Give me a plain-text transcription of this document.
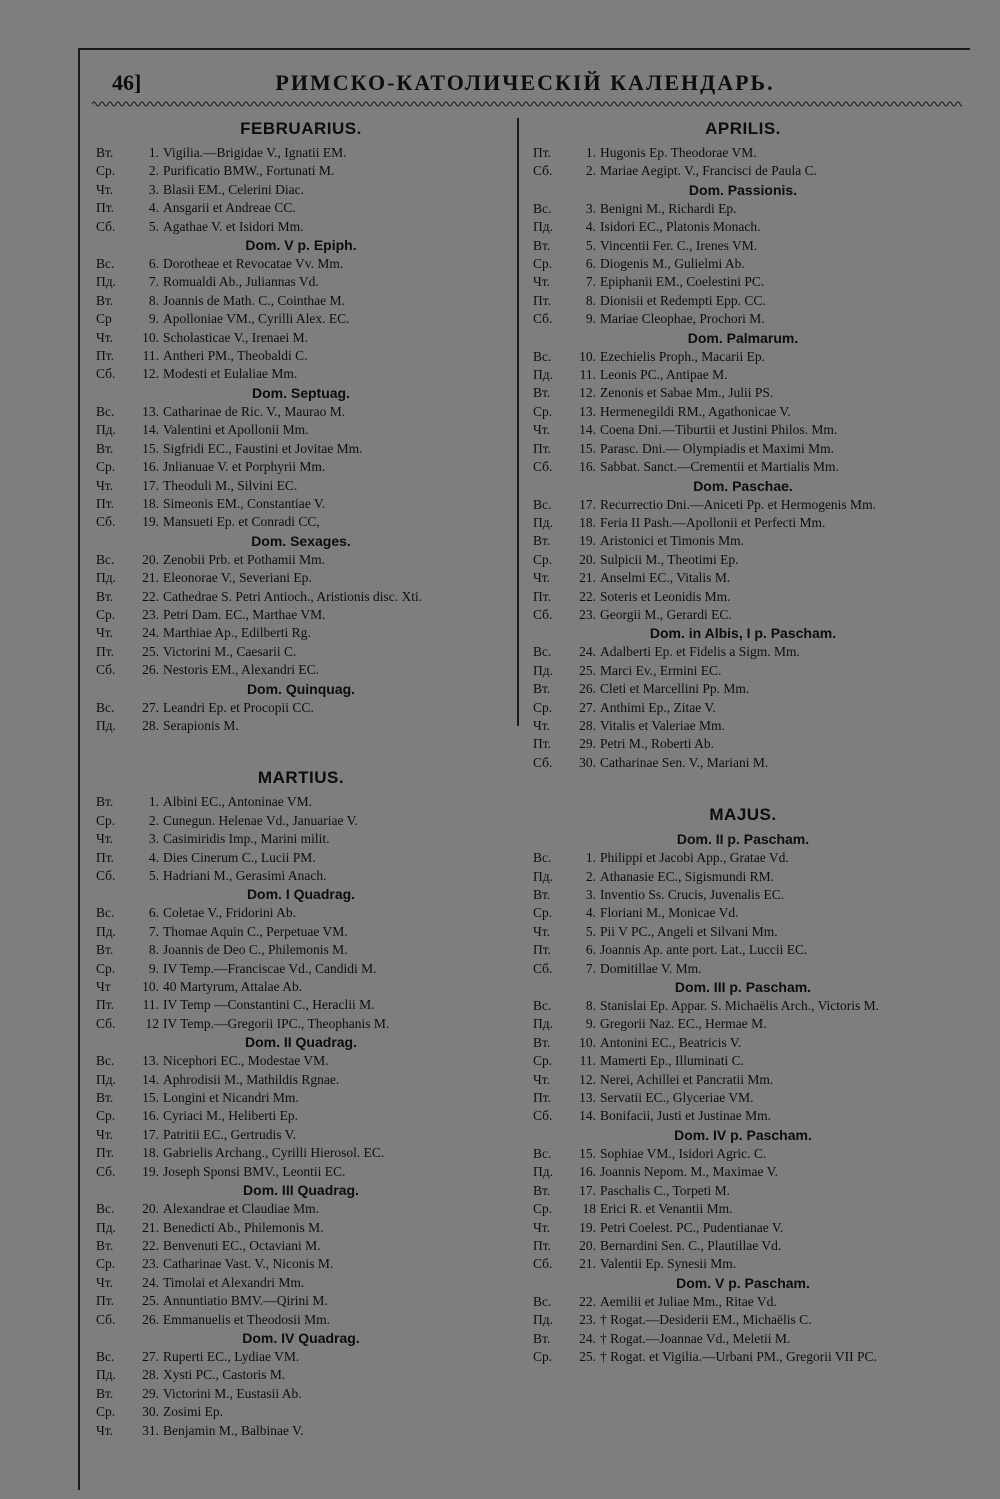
46]	РИМСКО-КАТОЛИЧЕСКІЙ КАЛЕНДАРЬ.
FEBRUARIUS.
Вт.	1. Vigilia.—Brigidae V., Ignatii EM.
Ср.	2. Purificatio BMW., Fortunati M.
Чт.	3. Blasii EM., Celerini Diac.
Пт.	4. Ansgarii et Andreae CC.
Сб.	5. Agathae V. et Isidori Mm.
Dom. V p. Epiph.
Вс.	6. Dorotheae et Revocatae Vv. Mm.
Пд.	7. Romualdi Ab., Juliannas Vd.
Вт.	8. Joannis de Math. C., Cointhae M.
Ср	9. Apolloniae VM., Cyrilli Alex. EC.
Чт.	10. Scholasticae V., Irenaei M.
Пт.	11. Antheri PM., Theobaldi C.
Сб.	12. Modesti et Eulaliae Mm.
Dom. Septuag.
Вс.	13. Catharinae de Ric. V., Maurao M.
Пд.	14. Valentini et Apollonii Mm.
Вт.	15. Sigfridi EC., Faustini et Jovitae Mm.
Ср.	16. Jnlianuae V. et Porphyrii Mm.
Чт.	17. Theoduli M., Silvini EC.
Пт.	18. Simeonis EM., Constantiae V.
Сб.	19. Mansueti Ep. et Conradi CC,
Dom. Sexages.
Вс.	20. Zenobii Prb. et Pothamii Mm.
Пд.	21. Eleonorae V., Severiani Ep.
Вт.	22. Cathedrae S. Petri Antioch., Aristionis disc. Xti.
Ср.	23. Petri Dam. EC., Marthae VM.
Чт.	24. Marthiae Ap., Edilberti Rg.
Пт.	25. Victorini M., Caesarii C.
Сб.	26. Nestoris EM., Alexandri EC.
Dom. Quinquag.
Вс.	27. Leandri Ep. et Procopii CC.
Пд.	28. Serapionis M.
MARTIUS.
Вт.	1. Albini EC., Antoninae VM.
Ср.	2. Cunegun. Helenae Vd., Januariae V.
Чт.	3. Casimiridis Imp., Marini milit.
Пт.	4. Dies Cinerum C., Lucii PM.
Сб.	5. Hadriani M., Gerasimi Anach.
Dom. I Quadrag.
Вс.	6. Coletae V., Fridorini Ab.
Пд.	7. Thomae Aquin C., Perpetuae VM.
Вт.	8. Joannis de Deo C., Philemonis M.
Ср.	9. IV Temp.—Franciscae Vd., Candidi M.
Чт	10. 40 Martyrum, Attalae Ab.
Пт.	11. IV Temp —Constantini C., Heraclii M.
Сб.	12 IV Temp.—Gregorii IPC., Theophanis M.
Dom. II Quadrag.
Вс.	13. Nicephori EC., Modestae VM.
Пд.	14. Aphrodisii M., Mathildis Rgnae.
Вт.	15. Longini et Nicandri Mm.
Ср.	16. Cyriaci M., Heliberti Ep.
Чт.	17. Patritii EC., Gertrudis V.
Пт.	18. Gabrielis Archang., Cyrilli Hierosol. EC.
Сб.	19. Joseph Sponsi BMV., Leontii EC.
Dom. III Quadrag.
Вс.	20. Alexandrae et Claudiae Mm.
Пд.	21. Benedicti Ab., Philemonis M.
Вт.	22. Benvenuti EC., Octaviani M.
Ср.	23. Catharinae Vast. V., Niconis M.
Чт.	24. Timolai et Alexandri Mm.
Пт.	25. Annuntiatio BMV.—Qirini M.
Сб.	26. Emmanuelis et Theodosii Mm.
Dom. IV Quadrag.
Вс.	27. Ruperti EC., Lydiae VM.
Пд.	28. Xysti PC., Castoris M.
Вт.	29. Victorini M., Eustasii Ab.
Ср.	30. Zosimi Ep.
Чт.	31. Benjamin M., Balbinae V.
APRILIS.
Пт.	1. Hugonis Ep. Theodorae VM.
Сб.	2. Mariae Aegipt. V., Francisci de Paula C.
Dom. Passionis.
Вс.	3. Benigni M., Richardi Ep.
Пд.	4. Isidori EC., Platonis Monach.
Вт.	5. Vincentii Fer. C., Irenes VM.
Ср.	6. Diogenis M., Gulielmi Ab.
Чт.	7. Epiphanii EM., Coelestini PC.
Пт.	8. Dionisii et Redempti Epp. CC.
Сб.	9. Mariae Cleophae, Prochori M.
Dom. Palmarum.
Вс.	10. Ezechielis Proph., Macarii Ep.
Пд.	11. Leonis PC., Antipae M.
Вт.	12. Zenonis et Sabae Mm., Julii PS.
Ср.	13. Hermenegildi RM., Agathonicae V.
Чт.	14. Coena Dni.—Tiburtii et Justini Philos. Mm.
Пт.	15. Parasc. Dni.— Olympiadis et Maximi Mm.
Сб.	16. Sabbat. Sanct.—Crementii et Martialis Mm.
Dom. Paschae.
Вс.	17. Recurrectio Dni.—Aniceti Pp. et Hermogenis Mm.
Пд.	18. Feria II Pash.—Apollonii et Perfecti Mm.
Вт.	19. Aristonici et Timonis Mm.
Ср.	20. Sulpicii M., Theotimi Ep.
Чт.	21. Anselmi EC., Vitalis M.
Пт.	22. Soteris et Leonidis Mm.
Сб.	23. Georgii M., Gerardi EC.
Dom. in Albis, I p. Pascham.
Вс.	24. Adalberti Ep. et Fidelis a Sigm. Mm.
Пд.	25. Marci Ev., Ermini EC.
Вт.	26. Cleti et Marcellini Pp. Mm.
Ср.	27. Anthimi Ep., Zitae V.
Чт.	28. Vitalis et Valeriae Mm.
Пт.	29. Petri M., Roberti Ab.
Сб.	30. Catharinae Sen. V., Mariani M.
MAJUS.
Dom. II p. Pascham.
Вс.	1. Philippi et Jacobi App., Gratae Vd.
Пд.	2. Athanasie EC., Sigismundi RM.
Вт.	3. Inventio Ss. Crucis, Juvenalis EC.
Ср.	4. Floriani M., Monicae Vd.
Чт.	5. Pii V PC., Angeli et Silvani Mm.
Пт.	6. Joannis Ap. ante port. Lat., Luccii EC.
Сб.	7. Domitillae V. Mm.
Dom. III p. Pascham.
Вс.	8. Stanislai Ep. Appar. S. Michaëlis Arch., Victoris M.
Пд.	9. Gregorii Naz. EC., Hermae M.
Вт.	10. Antonini EC., Beatricis V.
Ср.	11. Mamerti Ep., Illuminati C.
Чт.	12. Nerei, Achillei et Pancratii Mm.
Пт.	13. Servatii EC., Glyceriae VM.
Сб.	14. Bonifacii, Justi et Justinae Mm.
Dom. IV p. Pascham.
Вс.	15. Sophiae VM., Isidori Agric. C.
Пд.	16. Joannis Nepom. M., Maximae V.
Вт.	17. Paschalis C., Torpeti M.
Ср.	18 Erici R. et Venantii Mm.
Чт.	19. Petri Coelest. PC., Pudentianae V.
Пт.	20. Bernardini Sen. C., Plautillae Vd.
Сб.	21. Valentii Ep. Synesii Mm.
Dom. V p. Pascham.
Вс.	22. Aemilii et Juliae Mm., Ritae Vd.
Пд.	23. † Rogat.—Desiderii EM., Michaëlis C.
Вт.	24. † Rogat.—Joannae Vd., Meletii M.
Ср.	25. † Rogat. et Vigilia.—Urbani PM., Gregorii VII PC.
